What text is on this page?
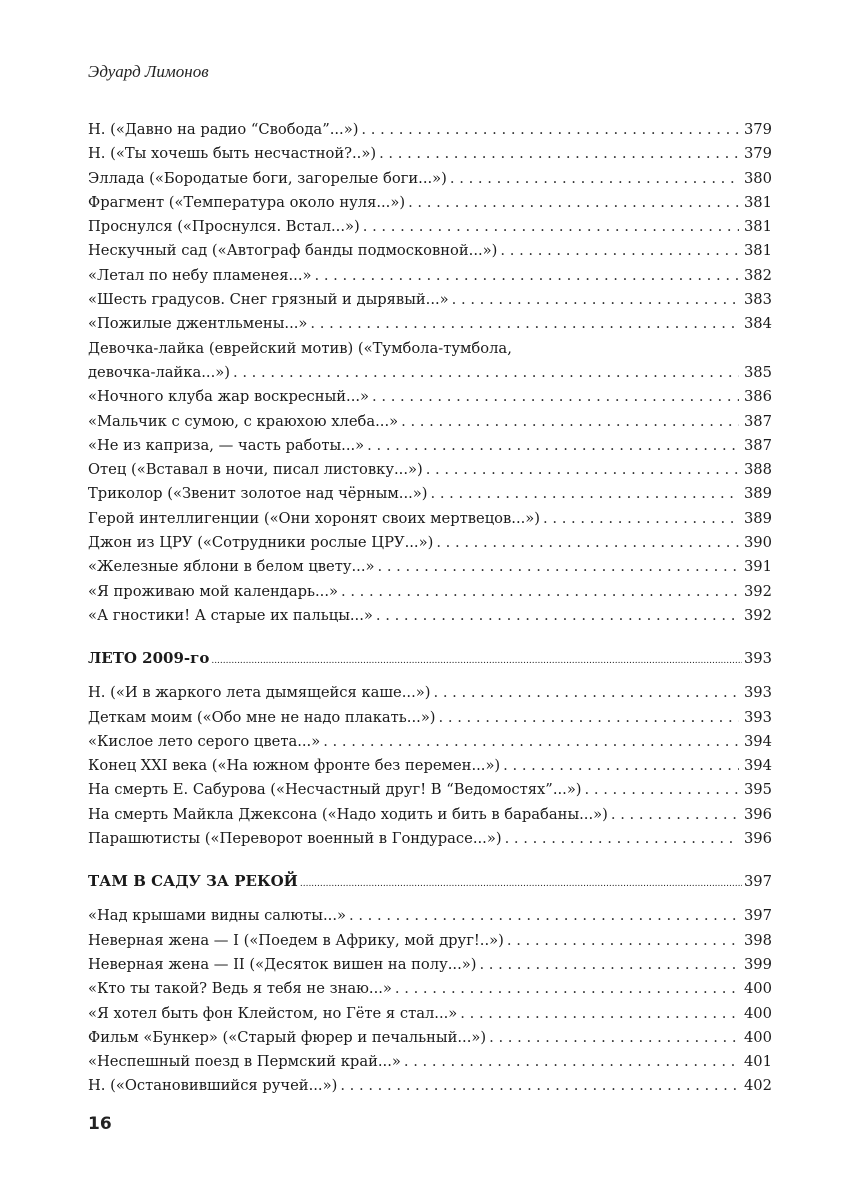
Эдуард Лимонов
Н. («Давно на радио “Свобода”...») . . .	379
Н. («Ты хочешь быть несчастной?..») . . .	379
Эллада («Бородатые боги, загорелые боги...») . . .	380
Фрагмент («Температура около нуля...») . . .	381
Проснулся («Проснулся. Встал...») . . .	381
Нескучный сад («Автограф банды подмосковной...») . . .	381
«Летал по небу пламенея...» . . .	382
«Шесть градусов. Снег грязный и дырявый...» . . .	383
«Пожилые джентльмены...» . . .	384
Девочка-лайка (еврейский мотив) («Тумбола-тумбола,
девочка-лайка...») . . .	385
«Ночного клуба жар воскресный...» . . .	386
«Мальчик с сумою, с краюхою хлеба...» . . .	387
«Не из каприза, — часть работы...» . . .	387
Отец («Вставал в ночи, писал листовку...») . . .	388
Триколор («Звенит золотое над чёрным...») . . .	389
Герой интеллигенции («Они хоронят своих мертвецов...») . . .	389
Джон из ЦРУ («Сотрудники рослые ЦРУ...») . . .	390
«Железные яблони в белом цвету...» . . .	391
«Я проживаю мой календарь...» . . .	392
«А гностики! А старые их пальцы...» . . .	392
ЛЕТО 2009-го .....	393
Н. («И в жаркого лета дымящейся каше...») . . .	393
Деткам моим («Обо мне не надо плакать...») . . .	393
«Кислое лето серого цвета...» . . .	394
Конец XXI века («На южном фронте без перемен...») . . .	394
На смерть Е. Сабурова («Несчастный друг! В “Ведомостях”...») . . .	395
На смерть Майкла Джексона («Надо ходить и бить в барабаны...») . . .	396
Парашютисты («Переворот военный в Гондурасе...») . . .	396
ТАМ В САДУ ЗА РЕКОЙ .....	397
«Над крышами видны салюты...» . . .	397
Неверная жена — I («Поедем в Африку, мой друг!..») . . .	398
Неверная жена — II («Десяток вишен на полу...») . . .	399
«Кто ты такой? Ведь я тебя не знаю...» . . .	400
«Я хотел быть фон Клейстом, но Гёте я стал...» . . .	400
Фильм «Бункер» («Старый фюрер и печальный...») . . .	400
«Неспешный поезд в Пермский край...» . . .	401
Н. («Остановившийся ручей...») . . .	402
16
